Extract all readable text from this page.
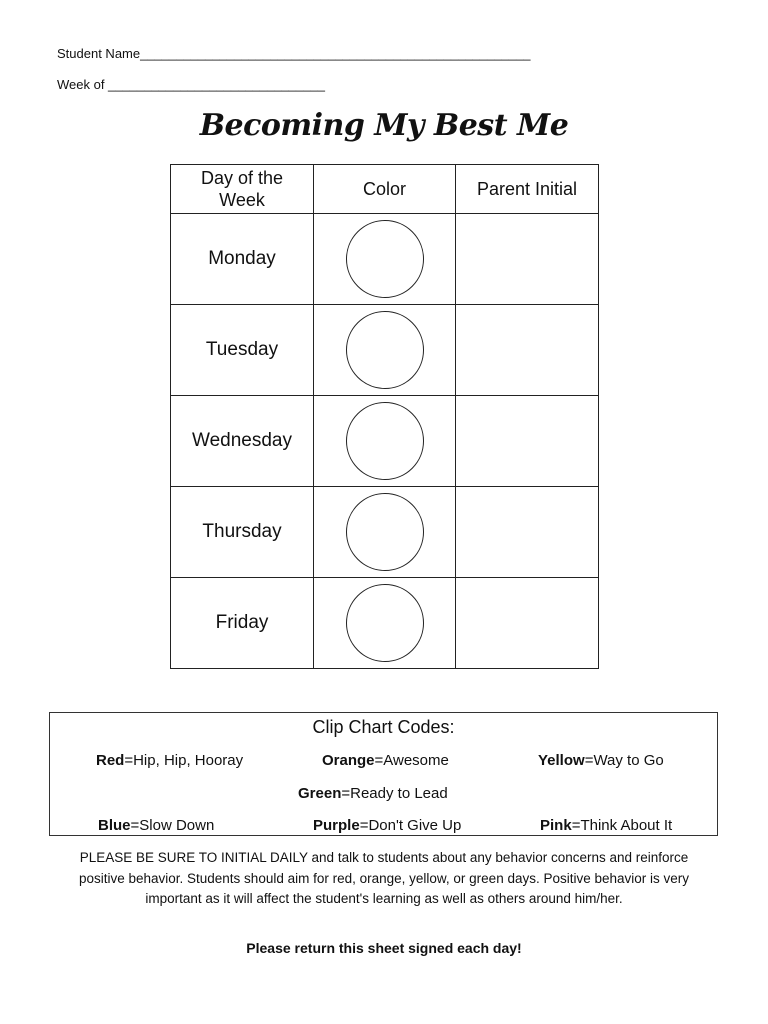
Student Name______________________________________________________
Week of ______________________________
Becoming My Best Me
Day of the Week	Color	Parent Initial
Monday	

Tuesday	

Wednesday	

Thursday	

Friday	

Clip Chart Codes:
Red=Hip, Hip, Hooray	Orange=Awesome	Yellow=Way to Go
Green=Ready to Lead
Blue=Slow Down	Purple=Don't Give Up	Pink=Think About It
PLEASE BE SURE TO INITIAL DAILY and talk to students about any behavior concerns and reinforce positive behavior. Students should aim for red, orange, yellow, or green days. Positive behavior is very important as it will affect the student's learning as well as others around him/her.
Please return this sheet signed each day!
